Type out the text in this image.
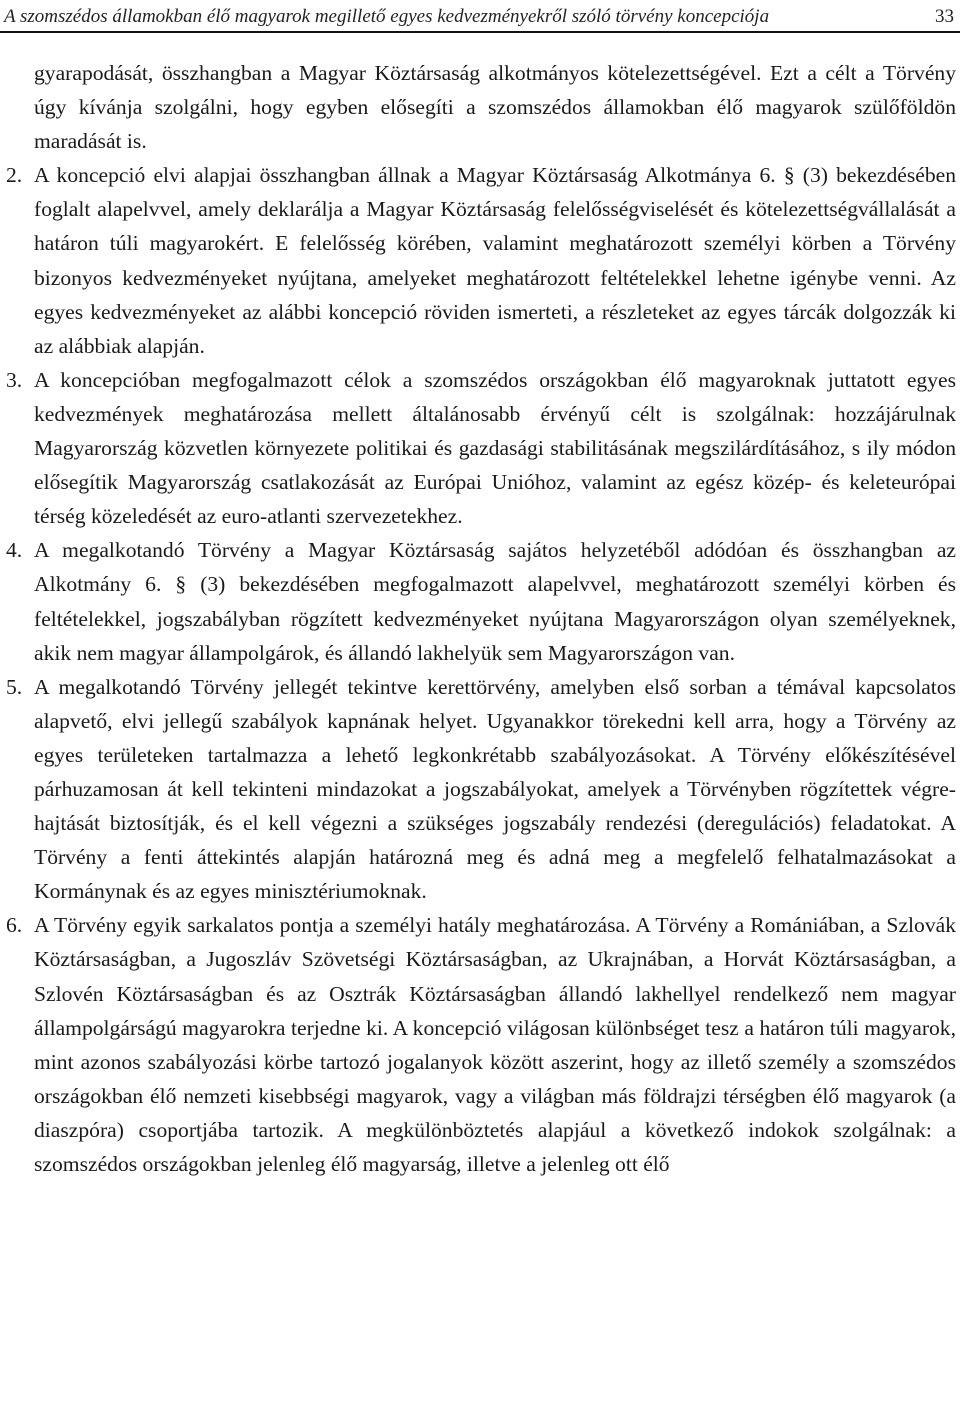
A szomszédos államokban élő magyarok megillető egyes kedvezményekről szóló törvény koncepciója	33

gyarapodását, összhangban a Magyar Köztársaság alkotmányos kötelezettségével. Ezt a célt a Törvény úgy kívánja szolgálni, hogy egyben elősegíti a szomszédos államokban élő magyarok szülőföldön maradását is.

2. A koncepció elvi alapjai összhangban állnak a Magyar Köztársaság Alkotmánya 6. § (3) bekezdésében foglalt alapelvvel, amely deklarálja a Magyar Köztársaság felelősségviselését és kötelezettségvállalását a határon túli magyarokért. E felelősség körében, valamint meghatározott személyi körben a Törvény bizonyos kedvezményeket nyújtana, amelyeket meghatározott feltételekkel lehetne igénybe venni. Az egyes kedvezményeket az alábbi koncepció röviden ismerteti, a részleteket az egyes tárcák dolgozzák ki az alábbiak alapján.

3. A koncepcióban megfogalmazott célok a szomszédos országokban élő magyaroknak juttatott egyes kedvezmények meghatározása mellett általánosabb érvényű célt is szolgálnak: hozzájárulnak Magyarország közvetlen környezete politikai és gazdasági stabilitásának megszilárdításához, s ily módon elősegítik Magyarország csatlakozását az Európai Unióhoz, valamint az egész közép- és keleteurópai térség közeledését az euro-atlanti szervezetekhez.

4. A megalkotandó Törvény a Magyar Köztársaság sajátos helyzetéből adódóan és összhangban az Alkotmány 6. § (3) bekezdésében megfogalmazott alapelvvel, meghatározott személyi körben és feltételekkel, jogszabályban rögzített kedvezményeket nyújtana Magyarországon olyan személyeknek, akik nem magyar állampolgárok, és állandó lakhelyük sem Magyarországon van.

5. A megalkotandó Törvény jellegét tekintve kerettörvény, amelyben első sorban a témával kapcsolatos alapvető, elvi jellegű szabályok kapnának helyet. Ugyanakkor törekedni kell arra, hogy a Törvény az egyes területeken tartalmazza a lehető legkonkrétabb szabályozásokat. A Törvény előkészítésével párhuzamosan át kell tekinteni mindazokat a jogszabályokat, amelyek a Törvényben rögzítettek végrehajtását biztosítják, és el kell végezni a szükséges jogszabály rendezési (deregulációs) feladatokat. A Törvény a fenti áttekintés alapján határozná meg és adná meg a megfelelő felhatalmazásokat a Kormánynak és az egyes minisztériumoknak.

6. A Törvény egyik sarkalatos pontja a személyi hatály meghatározása. A Törvény a Romániában, a Szlovák Köztársaságban, a Jugoszláv Szövetségi Köztársaságban, az Ukrajnában, a Horvát Köztársaságban, a Szlovén Köztársaságban és az Osztrák Köztársaságban állandó lakhellyel rendelkező nem magyar állampolgárságú magyarokra terjedne ki. A koncepció világosan különbséget tesz a határon túli magyarok, mint azonos szabályozási körbe tartozó jogalanyok között aszerint, hogy az illető személy a szomszédos országokban élő nemzeti kisebbségi magyarok, vagy a világban más földrajzi térségben élő magyarok (a diaszpóra) csoportjába tartozik. A megkülönböztetés alapjául a következő indokok szolgálnak: a szomszédos országokban jelenleg élő magyarság, illetve a jelenleg ott élő
